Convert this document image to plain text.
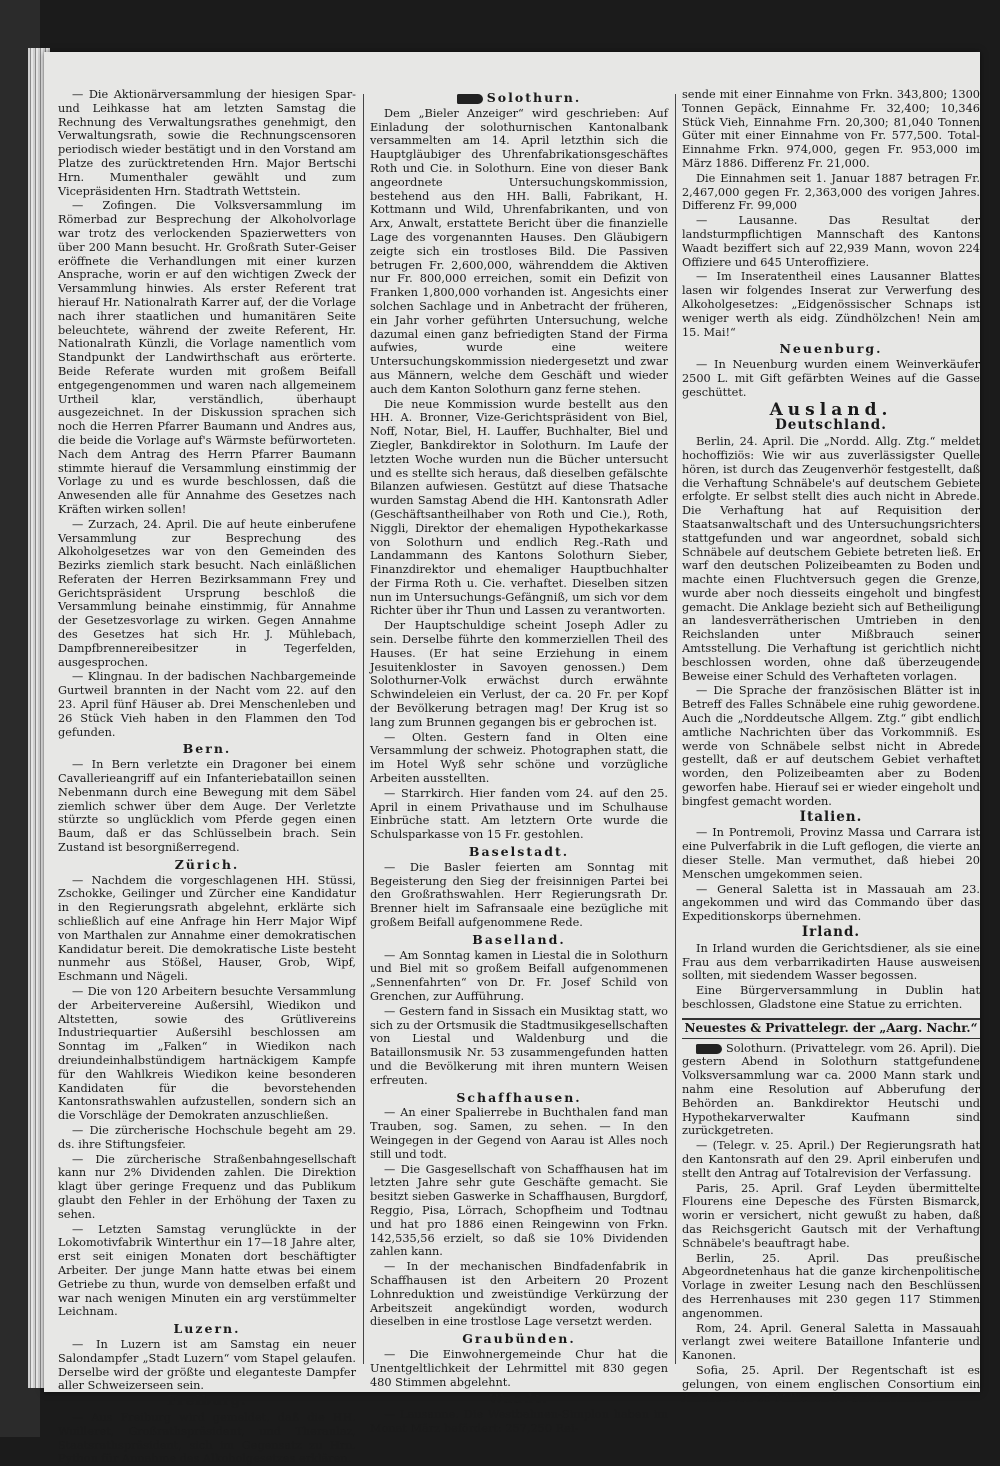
— Die Aktionärversammlung der hiesigen Spar- und Leihkasse hat am letzten Samstag die Rechnung des Verwaltungsrathes genehmigt, den Verwaltungsrath, sowie die Rechnungscensoren periodisch wieder bestätigt und in den Vorstand am Platze des zurücktretenden Hrn. Major Bertschi Hrn. Mumenthaler gewählt und zum Vicepräsidenten Hrn. Stadtrath Wettstein.

— Zofingen. Die Volksversammlung im Römerbad zur Besprechung der Alkoholvorlage war trotz des verlockenden Spazierwetters von über 200 Mann besucht. Hr. Großrath Suter-Geiser eröffnete die Verhandlungen mit einer kurzen Ansprache, worin er auf den wichtigen Zweck der Versammlung hinwies. Als erster Referent trat hierauf Hr. Nationalrath Karrer auf, der die Vorlage nach ihrer staatlichen und humanitären Seite beleuchtete, während der zweite Referent, Hr. Nationalrath Künzli, die Vorlage namentlich vom Standpunkt der Landwirthschaft aus erörterte. Beide Referate wurden mit großem Beifall entgegengenommen und waren nach allgemeinem Urtheil klar, verständlich, überhaupt ausgezeichnet. In der Diskussion sprachen sich noch die Herren Pfarrer Baumann und Andres aus, die beide die Vorlage auf's Wärmste befürworteten. Nach dem Antrag des Herrn Pfarrer Baumann stimmte hierauf die Versammlung einstimmig der Vorlage zu und es wurde beschlossen, daß die Anwesenden alle für Annahme des Gesetzes nach Kräften wirken sollen!

— Zurzach, 24. April. Die auf heute einberufene Versammlung zur Besprechung des Alkoholgesetzes war von den Gemeinden des Bezirks ziemlich stark besucht. Nach einläßlichen Referaten der Herren Bezirksammann Frey und Gerichtspräsident Ursprung beschloß die Versammlung beinahe einstimmig, für Annahme der Gesetzesvorlage zu wirken. Gegen Annahme des Gesetzes hat sich Hr. J. Mühlebach, Dampfbrennereibesitzer in Tegerfelden, ausgesprochen.

— Klingnau. In der badischen Nachbargemeinde Gurtweil brannten in der Nacht vom 22. auf den 23. April fünf Häuser ab. Drei Menschenleben und 26 Stück Vieh haben in den Flammen den Tod gefunden.

Bern.

— In Bern verletzte ein Dragoner bei einem Cavallerieangriff auf ein Infanteriebataillon seinen Nebenmann durch eine Bewegung mit dem Säbel ziemlich schwer über dem Auge. Der Verletzte stürzte so unglücklich vom Pferde gegen einen Baum, daß er das Schlüsselbein brach. Sein Zustand ist besorgnißerregend.

Zürich.

— Nachdem die vorgeschlagenen HH. Stüssi, Zschokke, Geilinger und Zürcher eine Kandidatur in den Regierungsrath abgelehnt, erklärte sich schließlich auf eine Anfrage hin Herr Major Wipf von Marthalen zur Annahme einer demokratischen Kandidatur bereit. Die demokratische Liste besteht nunmehr aus Stößel, Hauser, Grob, Wipf, Eschmann und Nägeli.

— Die von 120 Arbeitern besuchte Versammlung der Arbeitervereine Außersihl, Wiedikon und Altstetten, sowie des Grütlivereins Industriequartier Außersihl beschlossen am Sonntag im „Falken“ in Wiedikon nach dreiundeinhalbstündigem hartnäckigem Kampfe für den Wahlkreis Wiedikon keine besonderen Kandidaten für die bevorstehenden Kantonsrathswahlen aufzustellen, sondern sich an die Vorschläge der Demokraten anzuschließen.

— Die zürcherische Hochschule begeht am 29. ds. ihre Stiftungsfeier.

— Die zürcherische Straßenbahngesellschaft kann nur 2% Dividenden zahlen. Die Direktion klagt über geringe Frequenz und das Publikum glaubt den Fehler in der Erhöhung der Taxen zu sehen.

— Letzten Samstag verunglückte in der Lokomotivfabrik Winterthur ein 17—18 Jahre alter, erst seit einigen Monaten dort beschäftigter Arbeiter. Der junge Mann hatte etwas bei einem Getriebe zu thun, wurde von demselben erfaßt und war nach wenigen Minuten ein arg verstümmelter Leichnam.

Luzern.

— In Luzern ist am Samstag ein neuer Salondampfer „Stadt Luzern“ vom Stapel gelaufen. Derselbe wird der größte und eleganteste Dampfer aller Schweizerseen sein.

Freiburg.

— Aus Freiburg wird gemeldet, daß die HH. Wuilleret, Großrathspräsident, und Theraulaz, Staatsrathspräsident, sich im Gegensatz zu Hrn. Python für Annahme des Alkoholgesetzes erklären.

Solothurn.

Dem „Bieler Anzeiger“ wird geschrieben: Auf Einladung der solothurnischen Kantonalbank versammelten am 14. April letzthin sich die Hauptgläubiger des Uhrenfabrikationsgeschäftes Roth und Cie. in Solothurn. Eine von dieser Bank angeordnete Untersuchungskommission, bestehend aus den HH. Balli, Fabrikant, H. Kottmann und Wild, Uhrenfabrikanten, und von Arx, Anwalt, erstattete Bericht über die finanzielle Lage des vorgenannten Hauses. Den Gläubigern zeigte sich ein trostloses Bild. Die Passiven betrugen Fr. 2,600,000, währenddem die Aktiven nur Fr. 800,000 erreichen, somit ein Defizit von Franken 1,800,000 vorhanden ist. Angesichts einer solchen Sachlage und in Anbetracht der früheren, ein Jahr vorher geführten Untersuchung, welche dazumal einen ganz befriedigten Stand der Firma aufwies, wurde eine weitere Untersuchungskommission niedergesetzt und zwar aus Männern, welche dem Geschäft und wieder auch dem Kanton Solothurn ganz ferne stehen.

Die neue Kommission wurde bestellt aus den HH. A. Bronner, Vize-Gerichtspräsident von Biel, Noff, Notar, Biel, H. Lauffer, Buchhalter, Biel und Ziegler, Bankdirektor in Solothurn. Im Laufe der letzten Woche wurden nun die Bücher untersucht und es stellte sich heraus, daß dieselben gefälschte Bilanzen aufwiesen. Gestützt auf diese Thatsache wurden Samstag Abend die HH. Kantonsrath Adler (Geschäftsantheilhaber von Roth und Cie.), Roth, Niggli, Direktor der ehemaligen Hypothekarkasse von Solothurn und endlich Reg.-Rath und Landammann des Kantons Solothurn Sieber, Finanzdirektor und ehemaliger Hauptbuchhalter der Firma Roth u. Cie. verhaftet. Dieselben sitzen nun im Untersuchungs-Gefängniß, um sich vor dem Richter über ihr Thun und Lassen zu verantworten.

Der Hauptschuldige scheint Joseph Adler zu sein. Derselbe führte den kommerziellen Theil des Hauses. (Er hat seine Erziehung in einem Jesuitenkloster in Savoyen genossen.) Dem Solothurner-Volk erwächst durch erwähnte Schwindeleien ein Verlust, der ca. 20 Fr. per Kopf der Bevölkerung betragen mag! Der Krug ist so lang zum Brunnen gegangen bis er gebrochen ist.

— Olten. Gestern fand in Olten eine Versammlung der schweiz. Photographen statt, die im Hotel Wyß sehr schöne und vorzügliche Arbeiten ausstellten.

— Starrkirch. Hier fanden vom 24. auf den 25. April in einem Privathause und im Schulhause Einbrüche statt. Am letztern Orte wurde die Schulsparkasse von 15 Fr. gestohlen.

Baselstadt.

— Die Basler feierten am Sonntag mit Begeisterung den Sieg der freisinnigen Partei bei den Großrathswahlen. Herr Regierungsrath Dr. Brenner hielt im Safransaale eine bezügliche mit großem Beifall aufgenommene Rede.

Baselland.

— Am Sonntag kamen in Liestal die in Solothurn und Biel mit so großem Beifall aufgenommenen „Sennenfahrten“ von Dr. Fr. Josef Schild von Grenchen, zur Aufführung.

— Gestern fand in Sissach ein Musiktag statt, wo sich zu der Ortsmusik die Stadtmusikgesellschaften von Liestal und Waldenburg und die Bataillonsmusik Nr. 53 zusammengefunden hatten und die Bevölkerung mit ihren muntern Weisen erfreuten.

Schaffhausen.

— An einer Spalierrebe in Buchthalen fand man Trauben, sog. Samen, zu sehen. — In den Weingegen in der Gegend von Aarau ist Alles noch still und todt.

— Die Gasgesellschaft von Schaffhausen hat im letzten Jahre sehr gute Geschäfte gemacht. Sie besitzt sieben Gaswerke in Schaffhausen, Burgdorf, Reggio, Pisa, Lörrach, Schopfheim und Todtnau und hat pro 1886 einen Reingewinn von Frkn. 142,535,56 erzielt, so daß sie 10% Dividenden zahlen kann.

— In der mechanischen Bindfadenfabrik in Schaffhausen ist den Arbeitern 20 Prozent Lohnreduktion und zweistündige Verkürzung der Arbeitszeit angekündigt worden, wodurch dieselben in eine trostlose Lage versetzt werden.

Graubünden.

— Die Einwohnergemeinde Chur hat die Unentgeltlichkeit der Lehrmittel mit 830 gegen 480 Stimmen abgelehnt.

Waadt.

— Lausanne. Die Westbahnen-Simplon haben im Monat März befördert: 257,250 Rei-

sende mit einer Einnahme von Frkn. 343,800; 1300 Tonnen Gepäck, Einnahme Fr. 32,400; 10,346 Stück Vieh, Einnahme Frn. 20,300; 81,040 Tonnen Güter mit einer Einnahme von Fr. 577,500. Total-Einnahme Frkn. 974,000, gegen Fr. 953,000 im März 1886. Differenz Fr. 21,000.

Die Einnahmen seit 1. Januar 1887 betragen Fr. 2,467,000 gegen Fr. 2,363,000 des vorigen Jahres. Differenz Fr. 99,000

— Lausanne. Das Resultat der landsturmpflichtigen Mannschaft des Kantons Waadt beziffert sich auf 22,939 Mann, wovon 224 Offiziere und 645 Unteroffiziere.

— Im Inseratentheil eines Lausanner Blattes lasen wir folgendes Inserat zur Verwerfung des Alkoholgesetzes: „Eidgenössischer Schnaps ist weniger werth als eidg. Zündhölzchen! Nein am 15. Mai!“

Neuenburg.

— In Neuenburg wurden einem Weinverkäufer 2500 L. mit Gift gefärbten Weines auf die Gasse geschüttet.

Ausland.
Deutschland.

Berlin, 24. April. Die „Nordd. Allg. Ztg.“ meldet hochoffiziös: Wie wir aus zuverlässigster Quelle hören, ist durch das Zeugenverhör festgestellt, daß die Verhaftung Schnäbele's auf deutschem Gebiete erfolgte. Er selbst stellt dies auch nicht in Abrede. Die Verhaftung hat auf Requisition der Staatsanwaltschaft und des Untersuchungsrichters stattgefunden und war angeordnet, sobald sich Schnäbele auf deutschem Gebiete betreten ließ. Er warf den deutschen Polizeibeamten zu Boden und machte einen Fluchtversuch gegen die Grenze, wurde aber noch diesseits eingeholt und bingfest gemacht. Die Anklage bezieht sich auf Betheiligung an landesverrätherischen Umtrieben in den Reichslanden unter Mißbrauch seiner Amtsstellung. Die Verhaftung ist gerichtlich nicht beschlossen worden, ohne daß überzeugende Beweise einer Schuld des Verhafteten vorlagen.

— Die Sprache der französischen Blätter ist in Betreff des Falles Schnäbele eine ruhig gewordene. Auch die „Norddeutsche Allgem. Ztg.“ gibt endlich amtliche Nachrichten über das Vorkommniß. Es werde von Schnäbele selbst nicht in Abrede gestellt, daß er auf deutschem Gebiet verhaftet worden, den Polizeibeamten aber zu Boden geworfen habe. Hierauf sei er wieder eingeholt und bingfest gemacht worden.

Italien.

— In Pontremoli, Provinz Massa und Carrara ist eine Pulverfabrik in die Luft geflogen, die vierte an dieser Stelle. Man vermuthet, daß hiebei 20 Menschen umgekommen seien.

— General Saletta ist in Massauah am 23. angekommen und wird das Commando über das Expeditionskorps übernehmen.

Irland.

In Irland wurden die Gerichtsdiener, als sie eine Frau aus dem verbarrikadirten Hause ausweisen sollten, mit siedendem Wasser begossen.

Eine Bürgerversammlung in Dublin hat beschlossen, Gladstone eine Statue zu errichten.

Neuestes & Privattelegr. der „Aarg. Nachr.“

Solothurn. (Privattelegr. vom 26. April). Die gestern Abend in Solothurn stattgefundene Volksversammlung war ca. 2000 Mann stark und nahm eine Resolution auf Abberufung der Behörden an. Bankdirektor Heutschi und Hypothekarverwalter Kaufmann sind zurückgetreten.

— (Telegr. v. 25. April.) Der Regierungsrath hat den Kantonsrath auf den 29. April einberufen und stellt den Antrag auf Totalrevision der Verfassung.

Paris, 25. April. Graf Leyden übermittelte Flourens eine Depesche des Fürsten Bismarck, worin er versichert, nicht gewußt zu haben, daß das Reichsgericht Gautsch mit der Verhaftung Schnäbele's beauftragt habe.

Berlin, 25. April. Das preußische Abgeordnetenhaus hat die ganze kirchenpolitische Vorlage in zweiter Lesung nach den Beschlüssen des Herrenhauses mit 230 gegen 117 Stimmen angenommen.

Rom, 24. April. General Saletta in Massauah verlangt zwei weitere Bataillone Infanterie und Kanonen.

Sofia, 25. April. Der Regentschaft ist es gelungen, von einem englischen Consortium ein Anlehen von 25 Millionen Fr. aufzunehmen.
